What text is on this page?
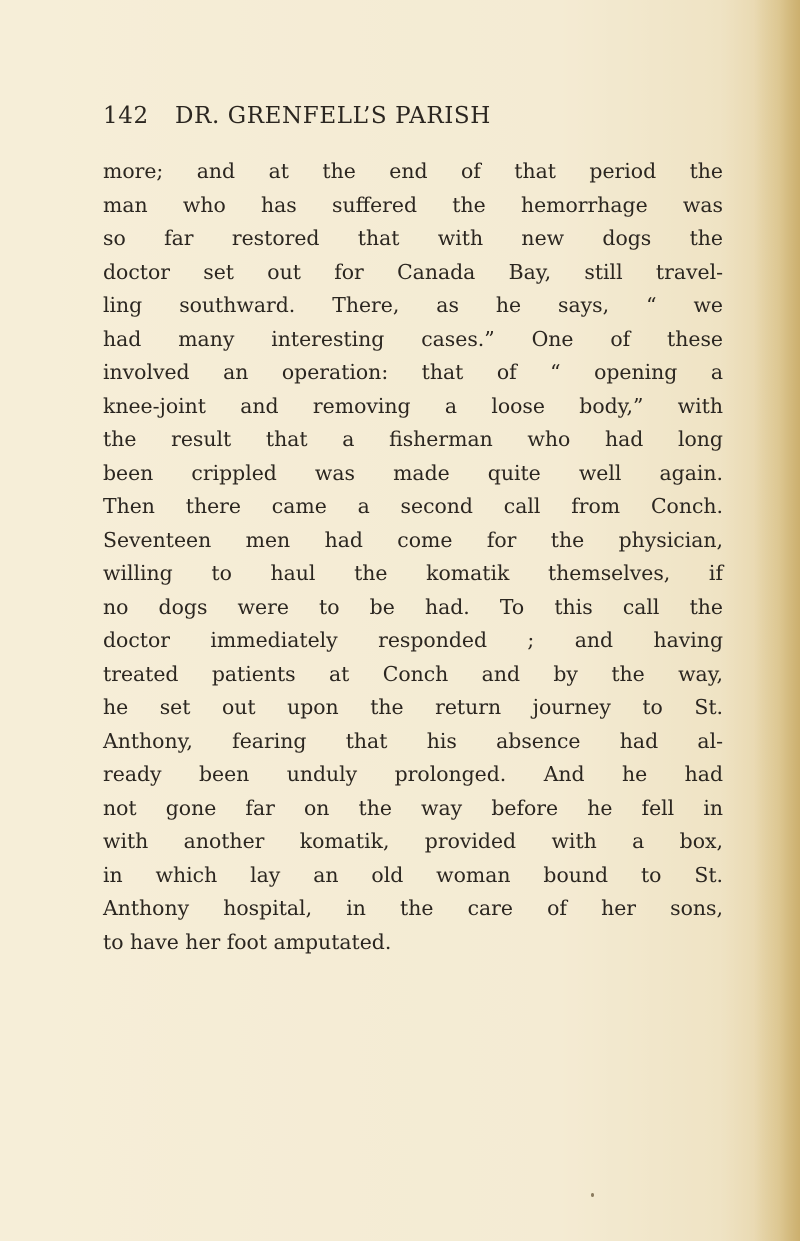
142 DR. GRENFELL’S PARISH
more; and at the end of that period the
man who has suffered the hemorrhage was
so far restored that with new dogs the
doctor set out for Canada Bay, still travel-
ling southward. There, as he says, “ we
had many interesting cases.” One of these
involved an operation: that of “ opening a
knee-joint and removing a loose body,” with
the result that a fisherman who had long
been crippled was made quite well again.
Then there came a second call from Conch.
Seventeen men had come for the physician,
willing to haul the komatik themselves, if
no dogs were to be had. To this call the
doctor immediately responded ; and having
treated patients at Conch and by the way,
he set out upon the return journey to St.
Anthony, fearing that his absence had al-
ready been unduly prolonged. And he had
not gone far on the way before he fell in
with another komatik, provided with a box,
in which lay an old woman bound to St.
Anthony hospital, in the care of her sons,
to have her foot amputated.
